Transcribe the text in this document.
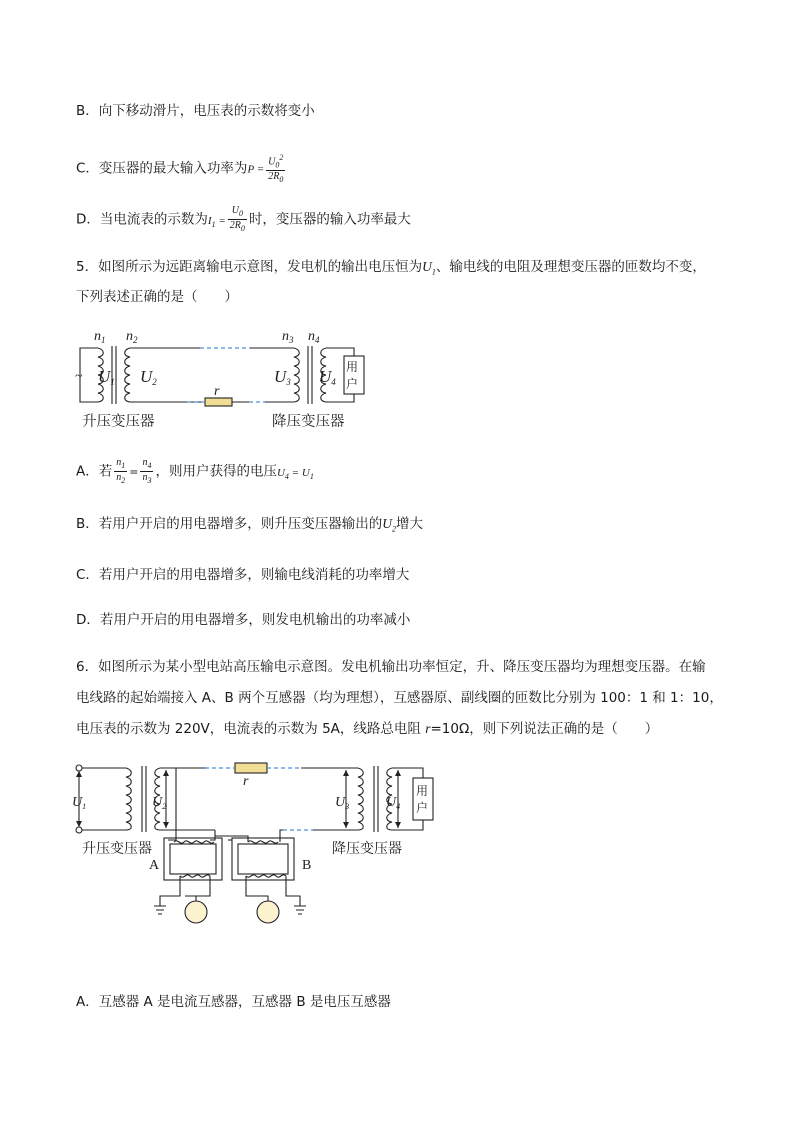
B．向下移动滑片，电压表的示数将变小
C．变压器的最大输入功率为$P = \frac{U_0^2}{2R_0}$
D．当电流表的示数为$I_1 = \frac{U_0}{2R_0}$ 时，变压器的输入功率最大
5．如图所示为远距离输电示意图，发电机的输出电压恒为$U_1$、输电线的电阻及理想变压器的匝数均不变，
下列表述正确的是（　　）
$n_1$ $n_2$	$n_3$ $n_4$
U1 U2	U3 U4
r
~
用
户
升压变压器	降压变压器
A．若 $\frac{n_1}{n_2} = \frac{n_4}{n_3}$ ，则用户获得的电压$U_4 = U_1$
B．若用户开启的用电器增多，则升压变压器输出的$U_2$增大
C．若用户开启的用电器增多，则输电线消耗的功率增大
D．若用户开启的用电器增多，则发电机输出的功率减小
6．如图所示为某小型电站高压输电示意图。发电机输出功率恒定，升、降压变压器均为理想变压器。在输
电线路的起始端接入 A、B 两个互感器（均为理想），互感器原、副线圈的匝数比分别为 100：1 和 1：10，
电压表的示数为 220V，电流表的示数为 5A，线路总电阻 r=10Ω，则下列说法正确的是（　　）
r
$U_1$	$U_2$	$U_3$	$U_4$
用
户
升压变压器	降压变压器
A	B
A．互感器 A 是电流互感器，互感器 B 是电压互感器
